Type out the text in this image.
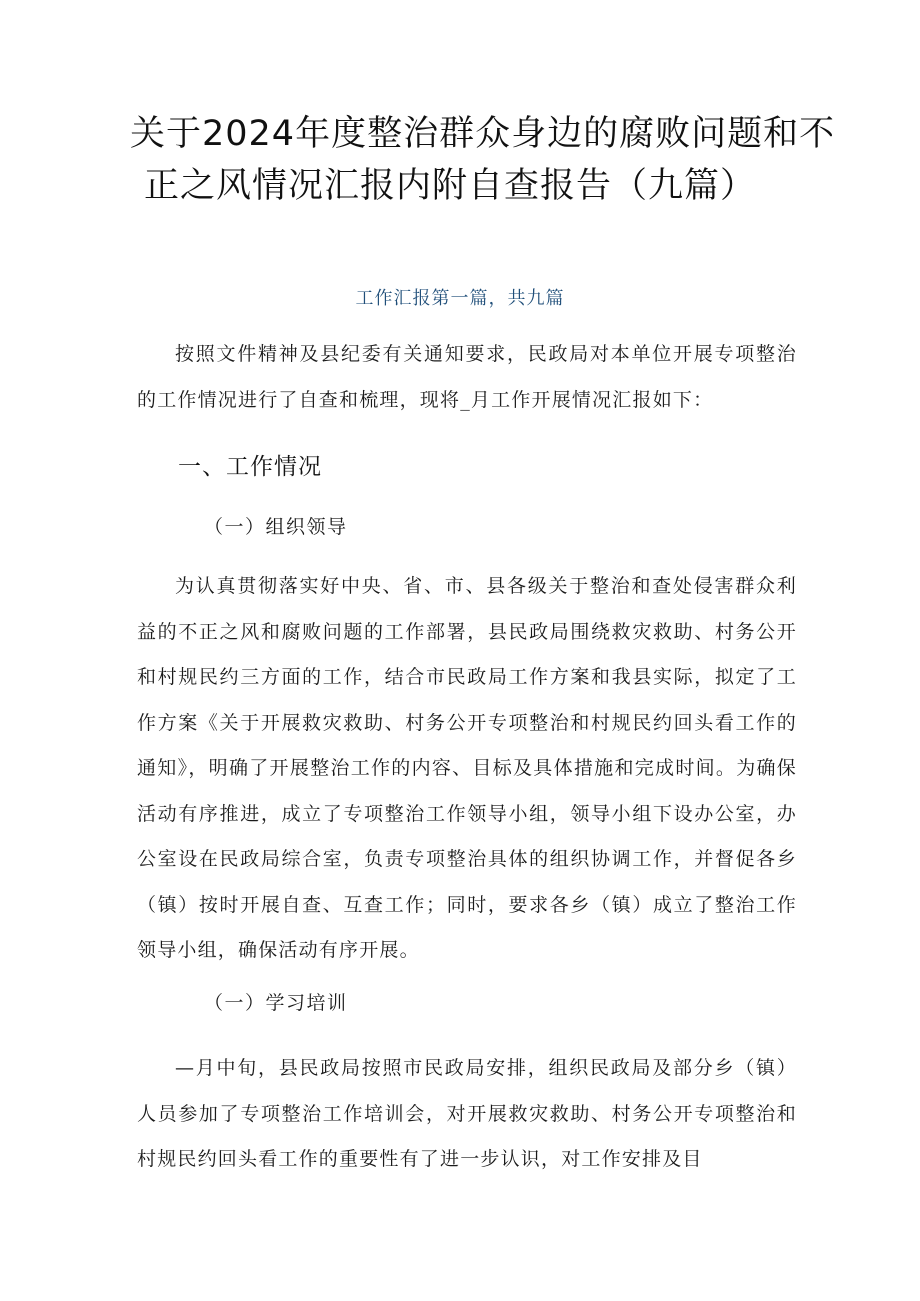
关于2024年度整治群众身边的腐败问题和不
正之风情况汇报内附自查报告（九篇）
工作汇报第一篇，共九篇

按照文件精神及县纪委有关通知要求，民政局对本单位开展专项整治的工作情况进行了自查和梳理，现将_月工作开展情况汇报如下：

一、工作情况
（一）组织领导

为认真贯彻落实好中央、省、市、县各级关于整治和查处侵害群众利益的不正之风和腐败问题的工作部署，县民政局围绕救灾救助、村务公开和村规民约三方面的工作，结合市民政局工作方案和我县实际，拟定了工作方案《关于开展救灾救助、村务公开专项整治和村规民约回头看工作的通知》，明确了开展整治工作的内容、目标及具体措施和完成时间。为确保活动有序推进，成立了专项整治工作领导小组，领导小组下设办公室，办公室设在民政局综合室，负责专项整治具体的组织协调工作，并督促各乡（镇）按时开展自查、互查工作；同时，要求各乡（镇）成立了整治工作领导小组，确保活动有序开展。

（一）学习培训

—月中旬，县民政局按照市民政局安排，组织民政局及部分乡（镇）人员参加了专项整治工作培训会，对开展救灾救助、村务公开专项整治和村规民约回头看工作的重要性有了进一步认识，对工作安排及目
